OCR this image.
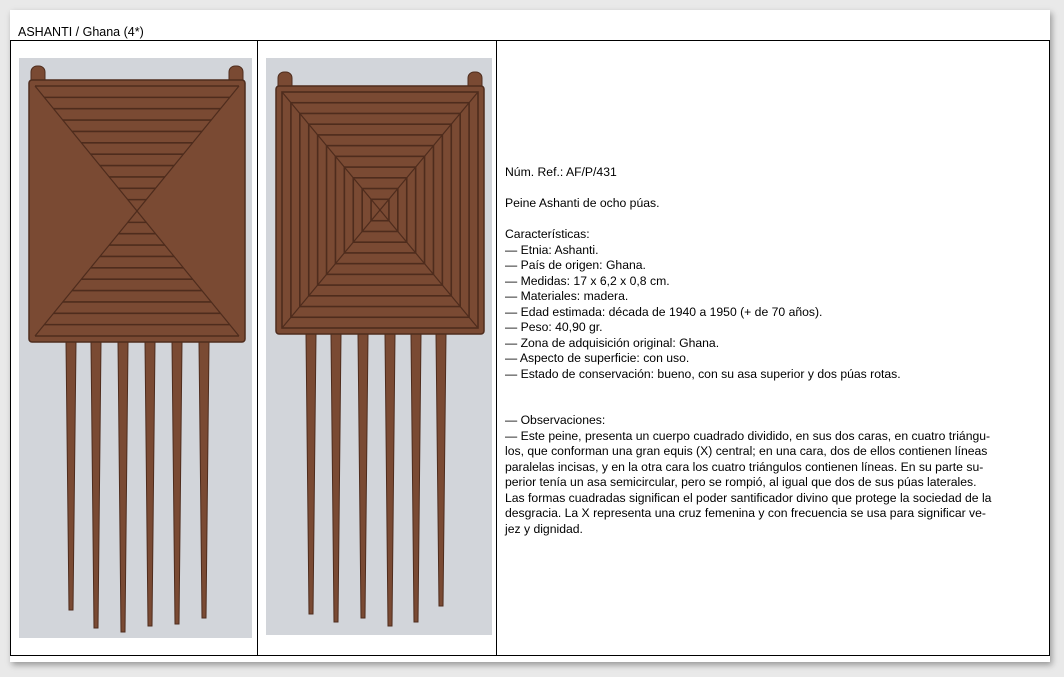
ASHANTI / Ghana (4*)

Núm. Ref.: AF/P/431

Peine Ashanti de ocho púas.

Características:

— Etnia: Ashanti.

— País de origen: Ghana.

— Medidas: 17 x 6,2 x 0,8 cm.

— Materiales: madera.

— Edad estimada: década de 1940 a 1950 (+ de 70 años).

— Peso: 40,90 gr.

— Zona de adquisición original: Ghana.

— Aspecto de superficie: con uso.

— Estado de conservación: bueno, con su asa superior y dos púas rotas.

— Observaciones:

— Este peine, presenta un cuerpo cuadrado dividido, en sus dos caras, en cuatro triángu-

los, que conforman una gran equis (X) central; en una cara, dos de ellos contienen líneas

paralelas incisas, y en la otra cara los cuatro triángulos contienen líneas. En su parte su-

perior tenía un asa semicircular, pero se rompió, al igual que dos de sus púas laterales.

Las formas cuadradas significan el poder santificador divino que protege la sociedad de la

desgracia. La X representa una cruz femenina y con frecuencia se usa para significar ve-

jez y dignidad.
